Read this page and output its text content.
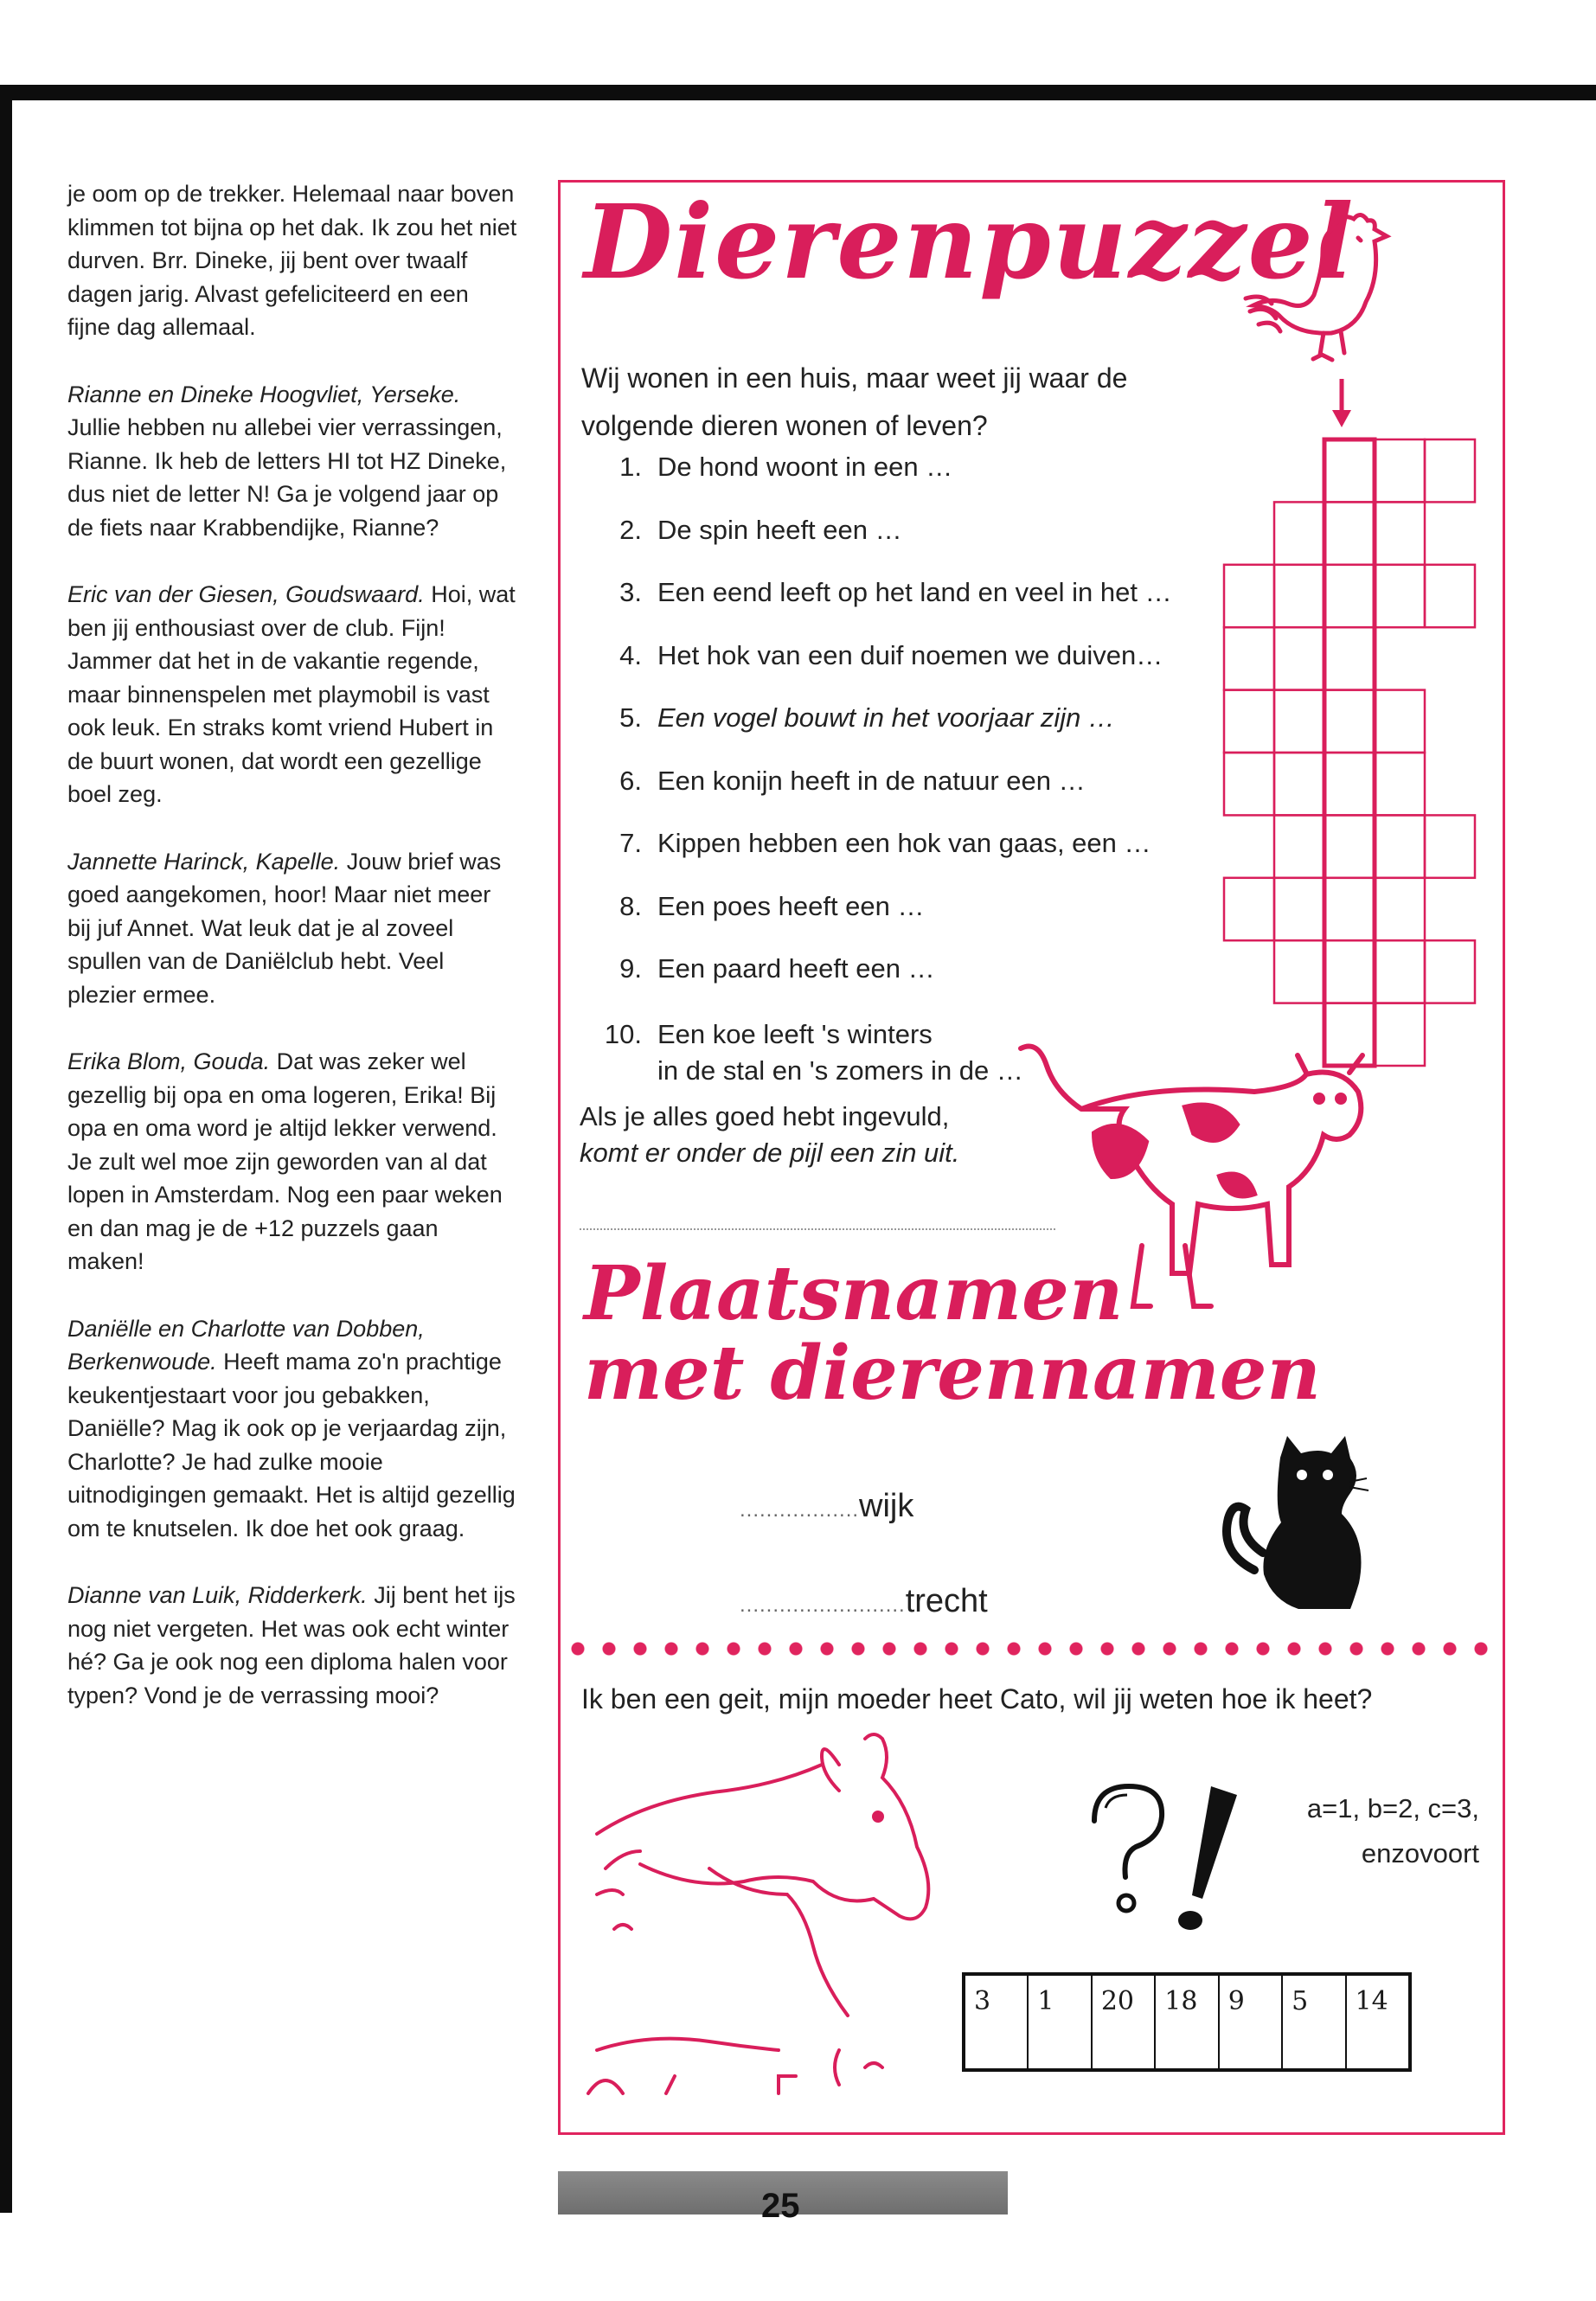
je oom op de trekker. Helemaal naar boven klimmen tot bijna op het dak. Ik zou het niet durven. Brr. Dineke, jij bent over twaalf dagen jarig. Alvast gefeliciteerd en een fijne dag allemaal.

Rianne en Dineke Hoogvliet, Yerseke. Jullie hebben nu allebei vier verrassingen, Rianne. Ik heb de letters HI tot HZ Dineke, dus niet de letter N! Ga je volgend jaar op de fiets naar Krabbendijke, Rianne?

Eric van der Giesen, Goudswaard. Hoi, wat ben jij enthousiast over de club. Fijn! Jammer dat het in de vakantie regende, maar binnenspelen met playmobil is vast ook leuk. En straks komt vriend Hubert in de buurt wonen, dat wordt een gezellige boel zeg.

Jannette Harinck, Kapelle. Jouw brief was goed aangekomen, hoor! Maar niet meer bij juf Annet. Wat leuk dat je al zoveel spullen van de Daniëlclub hebt. Veel plezier ermee.

Erika Blom, Gouda. Dat was zeker wel gezellig bij opa en oma logeren, Erika! Bij opa en oma word je altijd lekker verwend. Je zult wel moe zijn geworden van al dat lopen in Amsterdam. Nog een paar weken en dan mag je de +12 puzzels gaan maken!

Daniëlle en Charlotte van Dobben, Berkenwoude. Heeft mama zo'n prachtige keukentjestaart voor jou gebakken, Daniëlle? Mag ik ook op je verjaardag zijn, Charlotte? Je had zulke mooie uitnodigingen gemaakt. Het is altijd gezellig om te knutselen. Ik doe het ook graag.

Dianne van Luik, Ridderkerk. Jij bent het ijs nog niet vergeten. Het was ook echt winter hé? Ga je ook nog een diploma halen voor typen? Vond je de verrassing mooi?

Dierenpuzzel
Wij wonen in een huis, maar weet jij waar de volgende dieren wonen of leven?
1. De hond woont in een …
2. De spin heeft een …
3. Een eend leeft op het land en veel in het …
4. Het hok van een duif noemen we duiven…
5. Een vogel bouwt in het voorjaar zijn …
6. Een konijn heeft in de natuur een …
7. Kippen hebben een hok van gaas, een …
8. Een poes heeft een …
9. Een paard heeft een …
10. Een koe leeft 's winters
in de stal en 's zomers in de …
Als je alles goed hebt ingevuld,
komt er onder de pijl een zin uit.
Plaatsnamen
met dierennamen
..................wijk
.........................trecht
Ik ben een geit, mijn moeder heet Cato, wil jij weten hoe ik heet?
a=1, b=2, c=3,
enzovoort
3	1	20	18	9	5	14
25
